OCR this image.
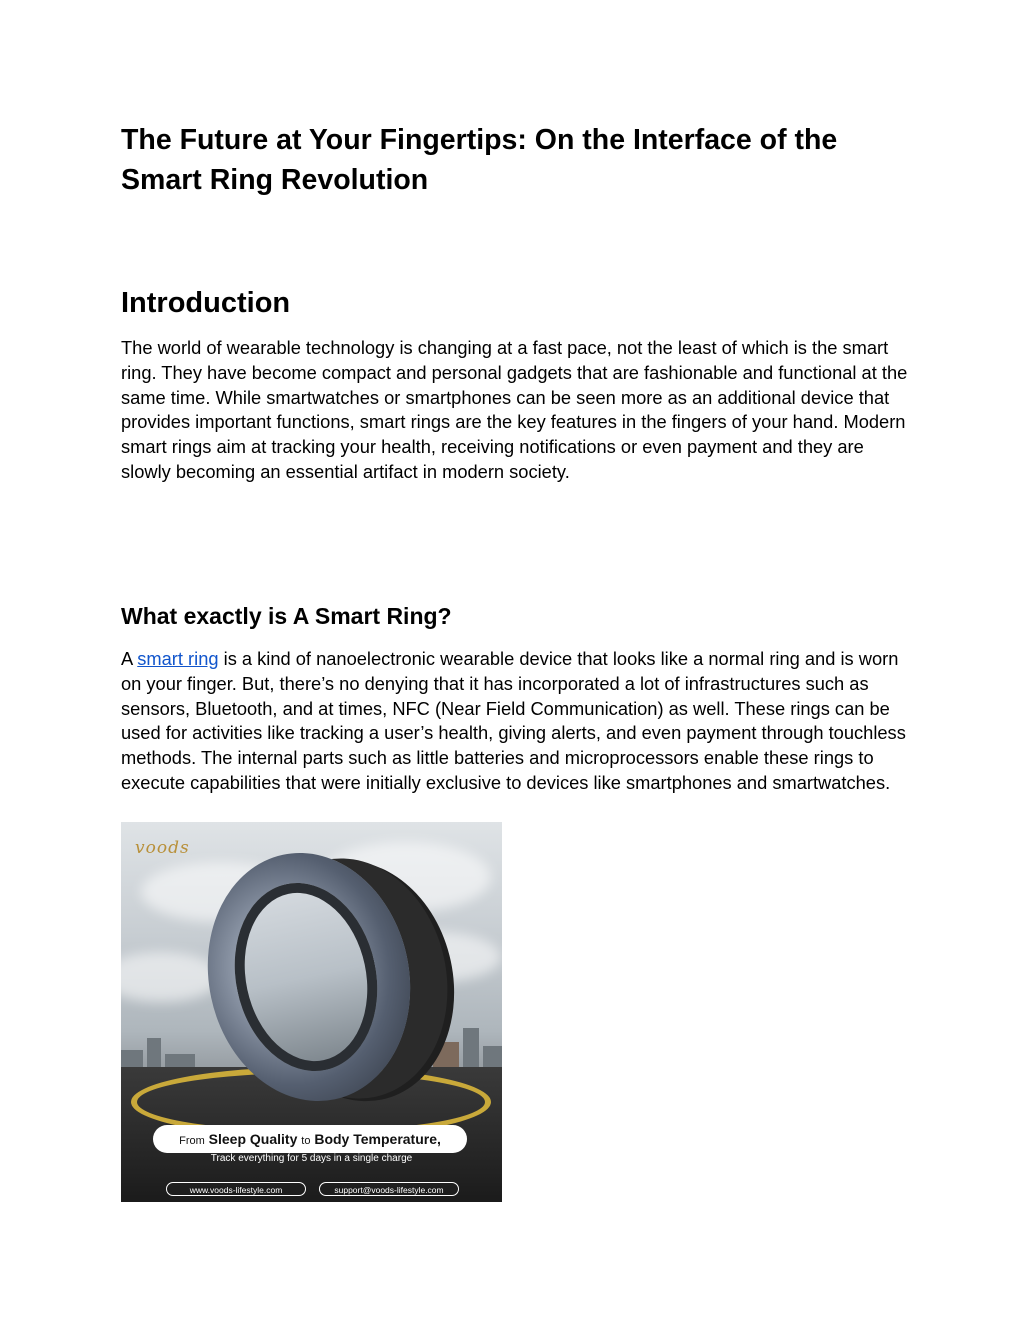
The Future at Your Fingertips: On the Interface of the Smart Ring Revolution
Introduction

The world of wearable technology is changing at a fast pace, not the least of which is the smart ring. They have become compact and personal gadgets that are fashionable and functional at the same time. While smartwatches or smartphones can be seen more as an additional device that provides important functions, smart rings are the key features in the fingers of your hand. Modern smart rings aim at tracking your health, receiving notifications or even payment and they are slowly becoming an essential artifact in modern society.

What exactly is A Smart Ring?

A smart ring is a kind of nanoelectronic wearable device that looks like a normal ring and is worn on your finger. But, there’s no denying that it has incorporated a lot of infrastructures such as sensors, Bluetooth, and at times, NFC (Near Field Communication) as well. These rings can be used for activities like tracking a user’s health, giving alerts, and even payment through touchless methods. The internal parts such as little batteries and microprocessors enable these rings to execute capabilities that were initially exclusive to devices like smartphones and smartwatches.

voods
From Sleep Quality to Body Temperature,
Track everything for 5 days in a single charge
www.voods-lifestyle.com	support@voods-lifestyle.com
